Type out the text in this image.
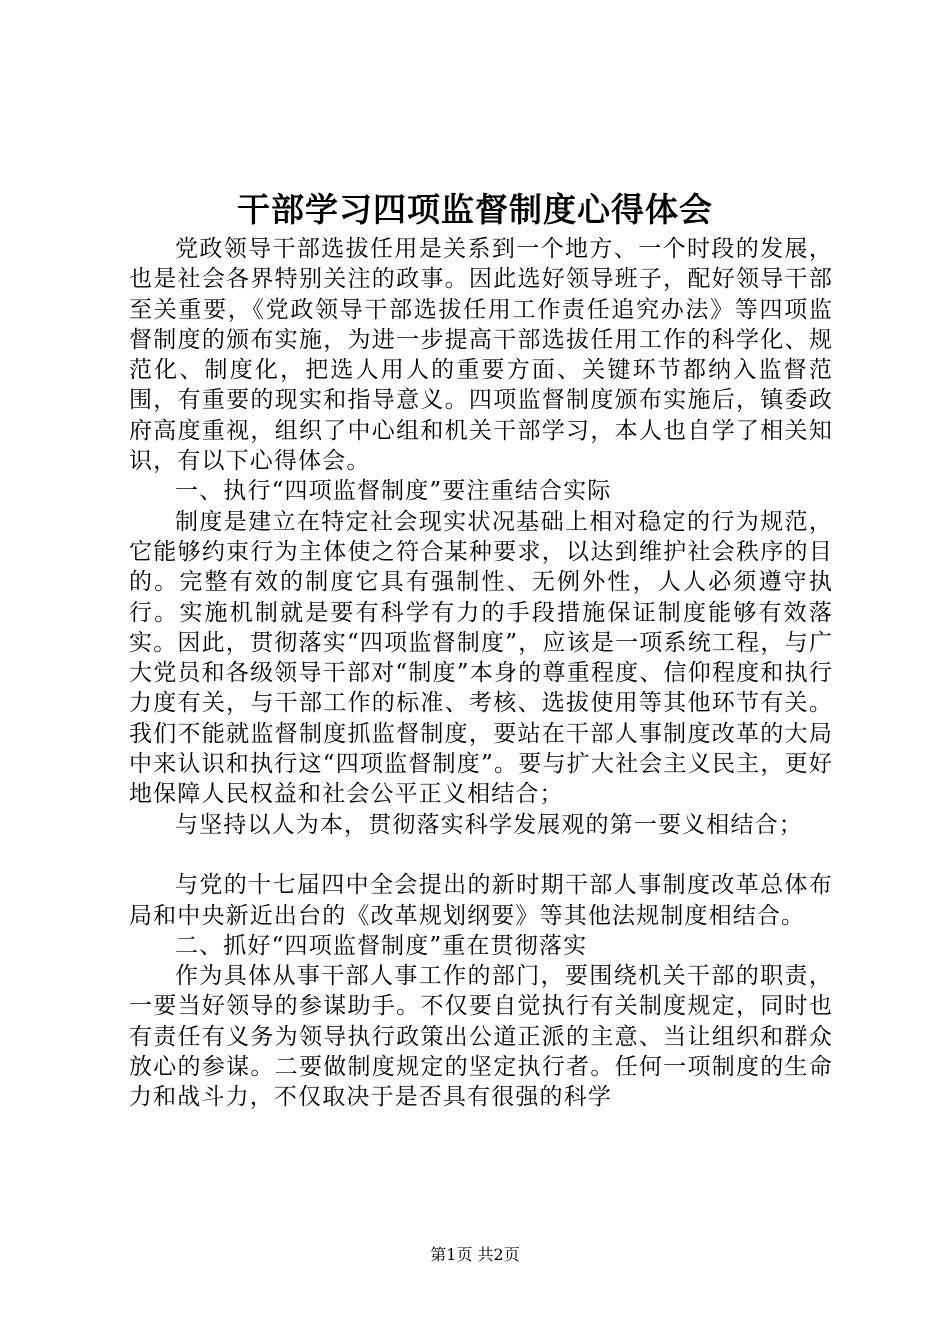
干部学习四项监督制度心得体会

党政领导干部选拔任用是关系到一个地方、一个时段的发展，也是社会各界特别关注的政事。因此选好领导班子，配好领导干部至关重要，《党政领导干部选拔任用工作责任追究办法》等四项监督制度的颁布实施，为进一步提高干部选拔任用工作的科学化、规范化、制度化，把选人用人的重要方面、关键环节都纳入监督范围，有重要的现实和指导意义。四项监督制度颁布实施后，镇委政府高度重视，组织了中心组和机关干部学习，本人也自学了相关知识，有以下心得体会。

一、执行“四项监督制度”要注重结合实际

制度是建立在特定社会现实状况基础上相对稳定的行为规范，它能够约束行为主体使之符合某种要求，以达到维护社会秩序的目的。完整有效的制度它具有强制性、无例外性，人人必须遵守执行。实施机制就是要有科学有力的手段措施保证制度能够有效落实。因此，贯彻落实“四项监督制度”，应该是一项系统工程，与广大党员和各级领导干部对“制度”本身的尊重程度、信仰程度和执行力度有关，与干部工作的标准、考核、选拔使用等其他环节有关。我们不能就监督制度抓监督制度，要站在干部人事制度改革的大局中来认识和执行这“四项监督制度”。要与扩大社会主义民主，更好地保障人民权益和社会公平正义相结合；

与坚持以人为本，贯彻落实科学发展观的第一要义相结合；

与党的十七届四中全会提出的新时期干部人事制度改革总体布局和中央新近出台的《改革规划纲要》等其他法规制度相结合。

二、抓好“四项监督制度”重在贯彻落实

作为具体从事干部人事工作的部门，要围绕机关干部的职责，一要当好领导的参谋助手。不仅要自觉执行有关制度规定，同时也有责任有义务为领导执行政策出公道正派的主意、当让组织和群众放心的参谋。二要做制度规定的坚定执行者。任何一项制度的生命力和战斗力，不仅取决于是否具有很强的科学

第1页 共2页
